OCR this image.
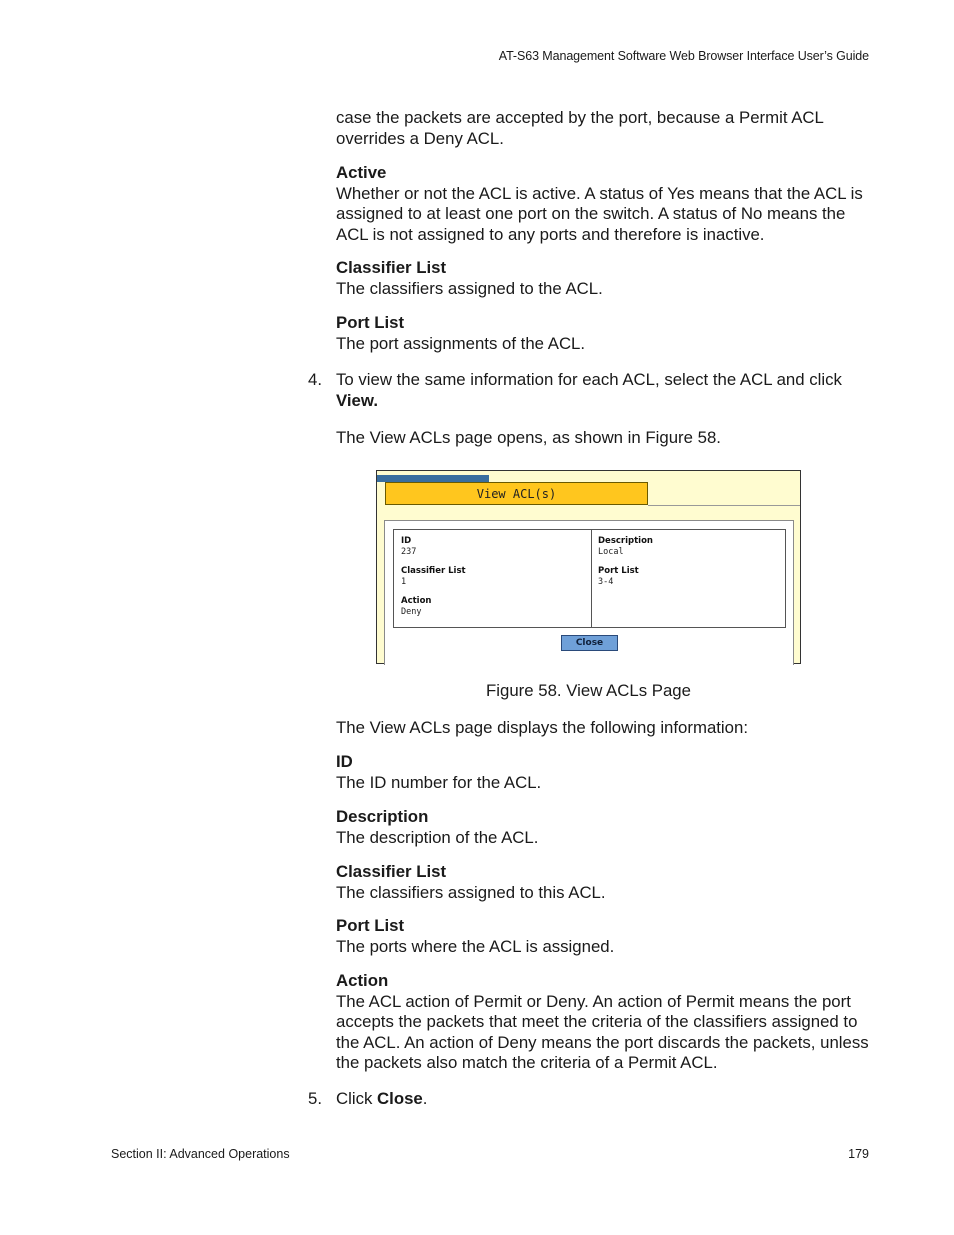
AT-S63 Management Software Web Browser Interface User’s Guide
case the packets are accepted by the port, because a Permit ACL overrides a Deny ACL.
Active
Whether or not the ACL is active. A status of Yes means that the ACL is assigned to at least one port on the switch. A status of No means the ACL is not assigned to any ports and therefore is inactive.
Classifier List
The classifiers assigned to the ACL.
Port List
The port assignments of the ACL.
4. To view the same information for each ACL, select the ACL and click View.
The View ACLs page opens, as shown in Figure 58.
View ACL(s)
ID
237
Classifier List
1
Action
Deny
Description
Local
Port List
3-4
Close
Figure 58. View ACLs Page
The View ACLs page displays the following information:
ID
The ID number for the ACL.
Description
The description of the ACL.
Classifier List
The classifiers assigned to this ACL.
Port List
The ports where the ACL is assigned.
Action
The ACL action of Permit or Deny. An action of Permit means the port accepts the packets that meet the criteria of the classifiers assigned to the ACL. An action of Deny means the port discards the packets, unless the packets also match the criteria of a Permit ACL.
5. Click Close.
Section II: Advanced Operations	179
